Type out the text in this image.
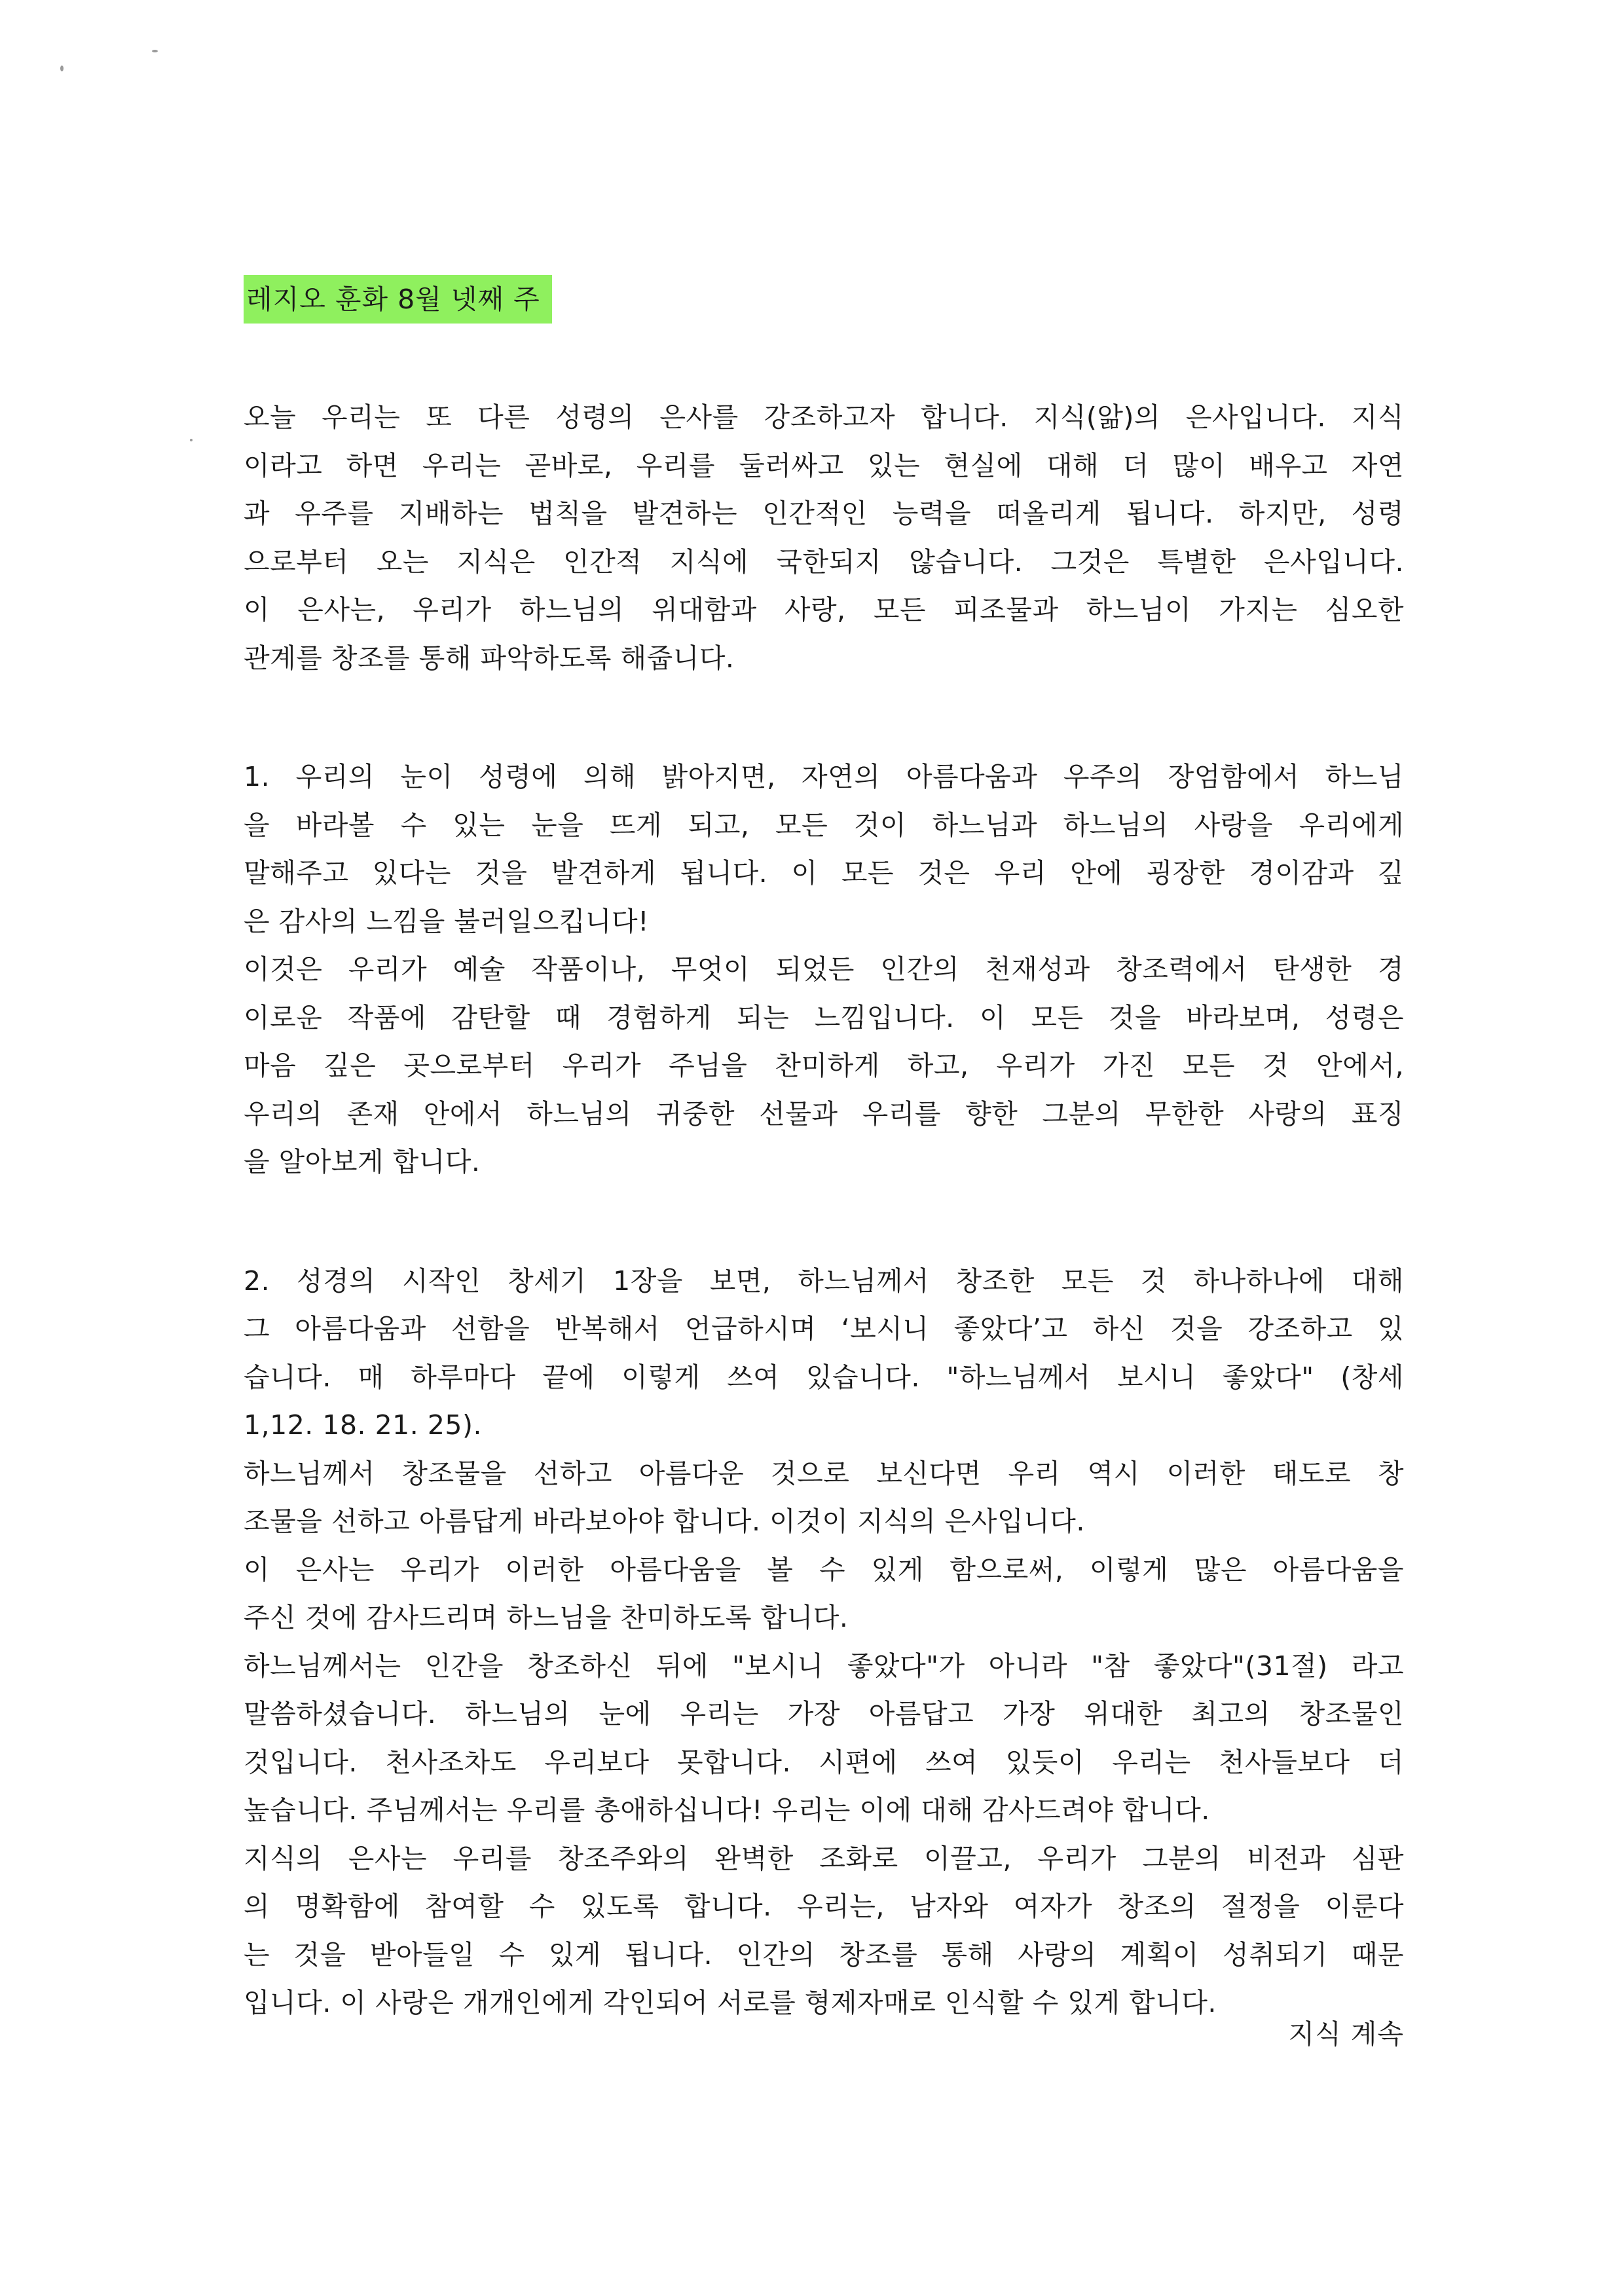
레지오 훈화 8월 넷째 주
오늘 우리는 또 다른 성령의 은사를 강조하고자 합니다. 지식(앎)의 은사입니다. 지식
이라고 하면 우리는 곧바로, 우리를 둘러싸고 있는 현실에 대해 더 많이 배우고 자연
과 우주를 지배하는 법칙을 발견하는 인간적인 능력을 떠올리게 됩니다. 하지만, 성령
으로부터 오는 지식은 인간적 지식에 국한되지 않습니다. 그것은 특별한 은사입니다.
이 은사는, 우리가 하느님의 위대함과 사랑, 모든 피조물과 하느님이 가지는 심오한
관계를 창조를 통해 파악하도록 해줍니다.
1. 우리의 눈이 성령에 의해 밝아지면, 자연의 아름다움과 우주의 장엄함에서 하느님
을 바라볼 수 있는 눈을 뜨게 되고, 모든 것이 하느님과 하느님의 사랑을 우리에게
말해주고 있다는 것을 발견하게 됩니다. 이 모든 것은 우리 안에 굉장한 경이감과 깊
은 감사의 느낌을 불러일으킵니다!
이것은 우리가 예술 작품이나, 무엇이 되었든 인간의 천재성과 창조력에서 탄생한 경
이로운 작품에 감탄할 때 경험하게 되는 느낌입니다. 이 모든 것을 바라보며, 성령은
마음 깊은 곳으로부터 우리가 주님을 찬미하게 하고, 우리가 가진 모든 것 안에서,
우리의 존재 안에서 하느님의 귀중한 선물과 우리를 향한 그분의 무한한 사랑의 표징
을 알아보게 합니다.
2. 성경의 시작인 창세기 1장을 보면, 하느님께서 창조한 모든 것 하나하나에 대해
그 아름다움과 선함을 반복해서 언급하시며 ‘보시니 좋았다’고 하신 것을 강조하고 있
습니다. 매 하루마다 끝에 이렇게 쓰여 있습니다. "하느님께서 보시니 좋았다" (창세
1,12. 18. 21. 25).
하느님께서 창조물을 선하고 아름다운 것으로 보신다면 우리 역시 이러한 태도로 창
조물을 선하고 아름답게 바라보아야 합니다. 이것이 지식의 은사입니다.
이 은사는 우리가 이러한 아름다움을 볼 수 있게 함으로써, 이렇게 많은 아름다움을
주신 것에 감사드리며 하느님을 찬미하도록 합니다.
하느님께서는 인간을 창조하신 뒤에 "보시니 좋았다"가 아니라 "참 좋았다"(31절) 라고
말씀하셨습니다. 하느님의 눈에 우리는 가장 아름답고 가장 위대한 최고의 창조물인
것입니다. 천사조차도 우리보다 못합니다. 시편에 쓰여 있듯이 우리는 천사들보다 더
높습니다. 주님께서는 우리를 총애하십니다! 우리는 이에 대해 감사드려야 합니다.
지식의 은사는 우리를 창조주와의 완벽한 조화로 이끌고, 우리가 그분의 비전과 심판
의 명확함에 참여할 수 있도록 합니다. 우리는, 남자와 여자가 창조의 절정을 이룬다
는 것을 받아들일 수 있게 됩니다. 인간의 창조를 통해 사랑의 계획이 성취되기 때문
입니다. 이 사랑은 개개인에게 각인되어 서로를 형제자매로 인식할 수 있게 합니다.
지식 계속
